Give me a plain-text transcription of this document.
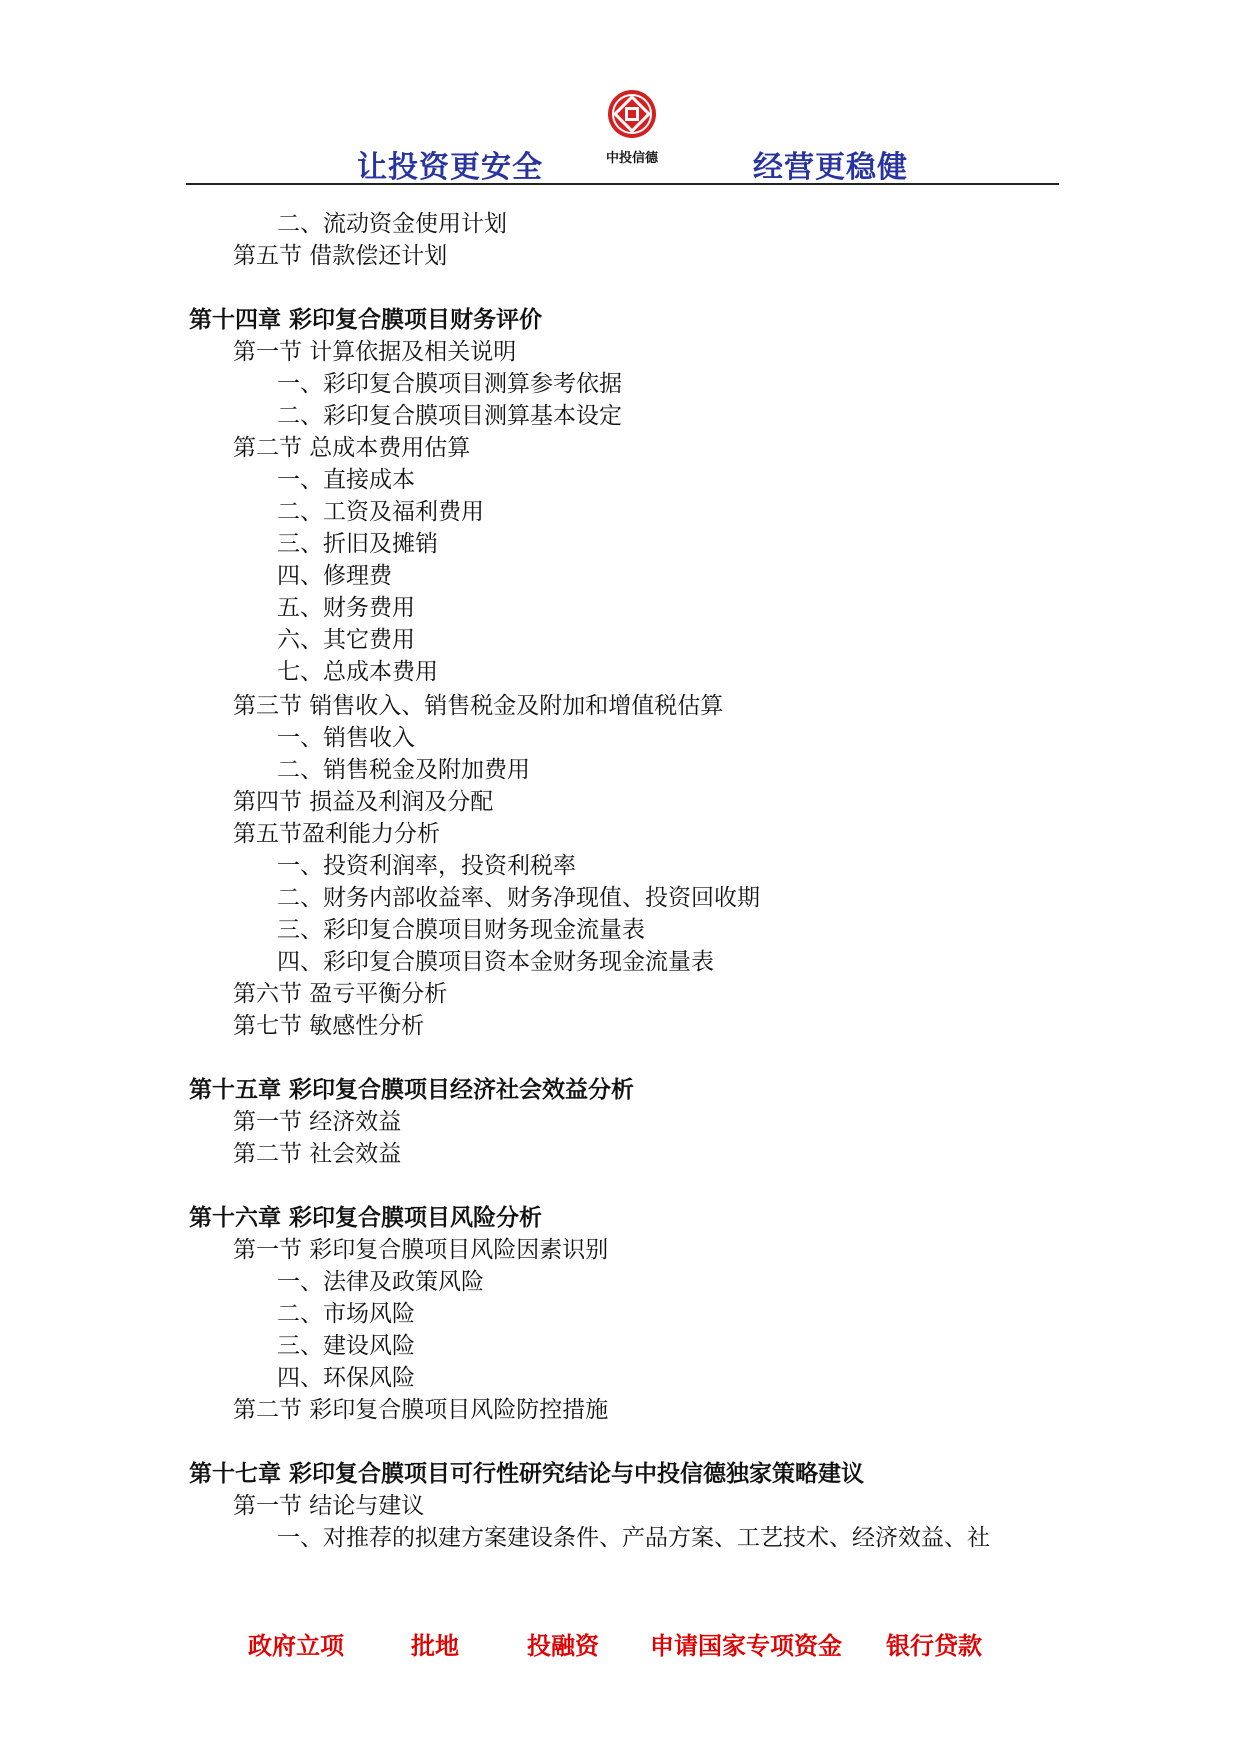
让投资更安全	中投信德	经营更稳健
二、流动资金使用计划
第五节 借款偿还计划
第十四章 彩印复合膜项目财务评价
第一节 计算依据及相关说明
一、彩印复合膜项目测算参考依据
二、彩印复合膜项目测算基本设定
第二节 总成本费用估算
一、直接成本
二、工资及福利费用
三、折旧及摊销
四、修理费
五、财务费用
六、其它费用
七、总成本费用
第三节 销售收入、销售税金及附加和增值税估算
一、销售收入
二、销售税金及附加费用
第四节 损益及利润及分配
第五节盈利能力分析
一、投资利润率，投资利税率
二、财务内部收益率、财务净现值、投资回收期
三、彩印复合膜项目财务现金流量表
四、彩印复合膜项目资本金财务现金流量表
第六节 盈亏平衡分析
第七节 敏感性分析
第十五章 彩印复合膜项目经济社会效益分析
第一节 经济效益
第二节 社会效益
第十六章 彩印复合膜项目风险分析
第一节 彩印复合膜项目风险因素识别
一、法律及政策风险
二、市场风险
三、建设风险
四、环保风险
第二节 彩印复合膜项目风险防控措施
第十七章 彩印复合膜项目可行性研究结论与中投信德独家策略建议
第一节 结论与建议
一、对推荐的拟建方案建设条件、产品方案、工艺技术、经济效益、社
政府立项	批地	投融资 申请国家专项资金 银行贷款
